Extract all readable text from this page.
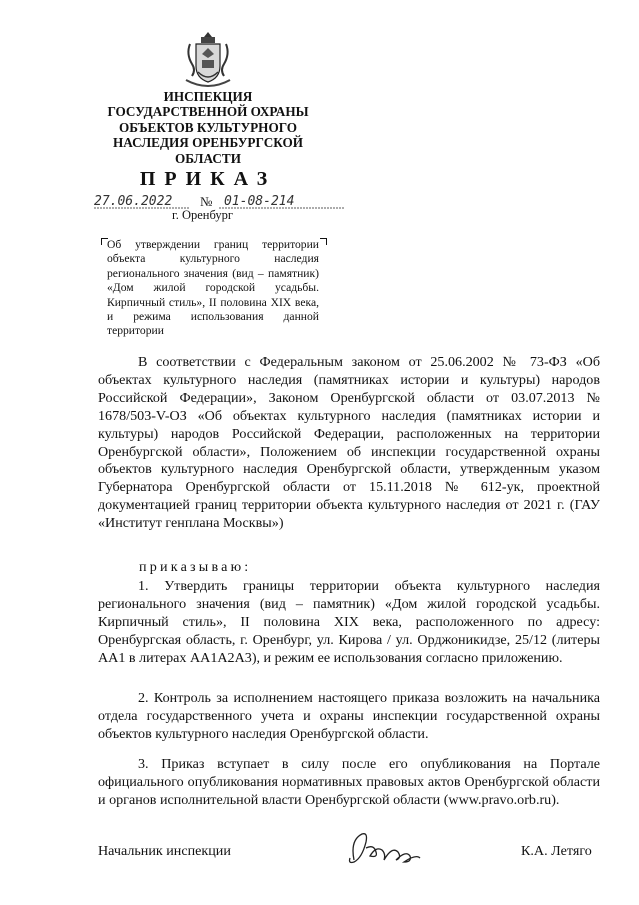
ИНСПЕКЦИЯ
ГОСУДАРСТВЕННОЙ ОХРАНЫ
ОБЪЕКТОВ КУЛЬТУРНОГО
НАСЛЕДИЯ ОРЕНБУРГСКОЙ
ОБЛАСТИ
ПРИКАЗ
27.06.2022 № 01-08-214
г. Оренбург
Об утверждении границ территории объекта культурного наследия регионального значения (вид – памятник) «Дом жилой городской усадьбы. Кирпичный стиль», II половина XIX века, и режима использования данной территории
В соответствии с Федеральным законом от 25.06.2002 № 73-ФЗ «Об объектах культурного наследия (памятниках истории и культуры) народов Российской Федерации», Законом Оренбургской области от 03.07.2013 № 1678/503-V-ОЗ «Об объектах культурного наследия (памятниках истории и культуры) народов Российской Федерации, расположенных на территории Оренбургской области», Положением об инспекции государственной охраны объектов культурного наследия Оренбургской области, утвержденным указом Губернатора Оренбургской области от 15.11.2018 № 612-ук, проектной документацией границ территории объекта культурного наследия от 2021 г. (ГАУ «Институт генплана Москвы»)
приказываю:
1. Утвердить границы территории объекта культурного наследия регионального значения (вид – памятник) «Дом жилой городской усадьбы. Кирпичный стиль», II половина XIX века, расположенного по адресу: Оренбургская область, г. Оренбург, ул. Кирова / ул. Орджоникидзе, 25/12 (литеры АА1 в литерах АА1А2А3), и режим ее использования согласно приложению.
2. Контроль за исполнением настоящего приказа возложить на начальника отдела государственного учета и охраны инспекции государственной охраны объектов культурного наследия Оренбургской области.
3. Приказ вступает в силу после его опубликования на Портале официального опубликования нормативных правовых актов Оренбургской области и органов исполнительной власти Оренбургской области (www.pravo.orb.ru).
Начальник инспекции	К.А. Летяго
